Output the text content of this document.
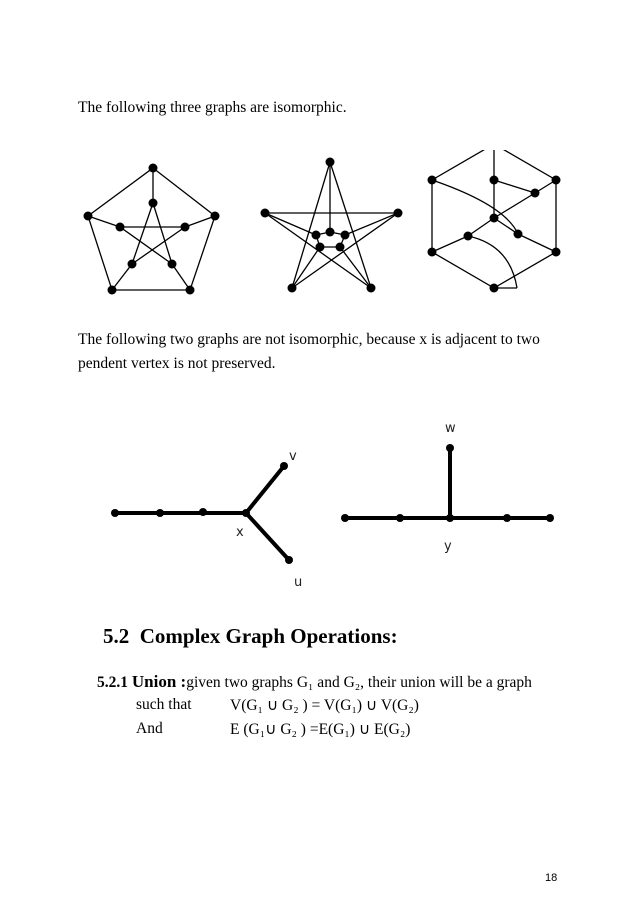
The following three graphs are isomorphic.
The following two graphs are not isomorphic, because x is adjacent to two
pendent vertex is not preserved.
v
x
u
w
y
5.2 Complex Graph Operations:
5.2.1 Union :given two graphs G₁ and G₂, their union will be a graph
such that V(G₁ ∪ G₂ ) = V(G₁) ∪ V(G₂)
And	E (G₁∪ G₂ ) =E(G₁) ∪ E(G₂)
18
